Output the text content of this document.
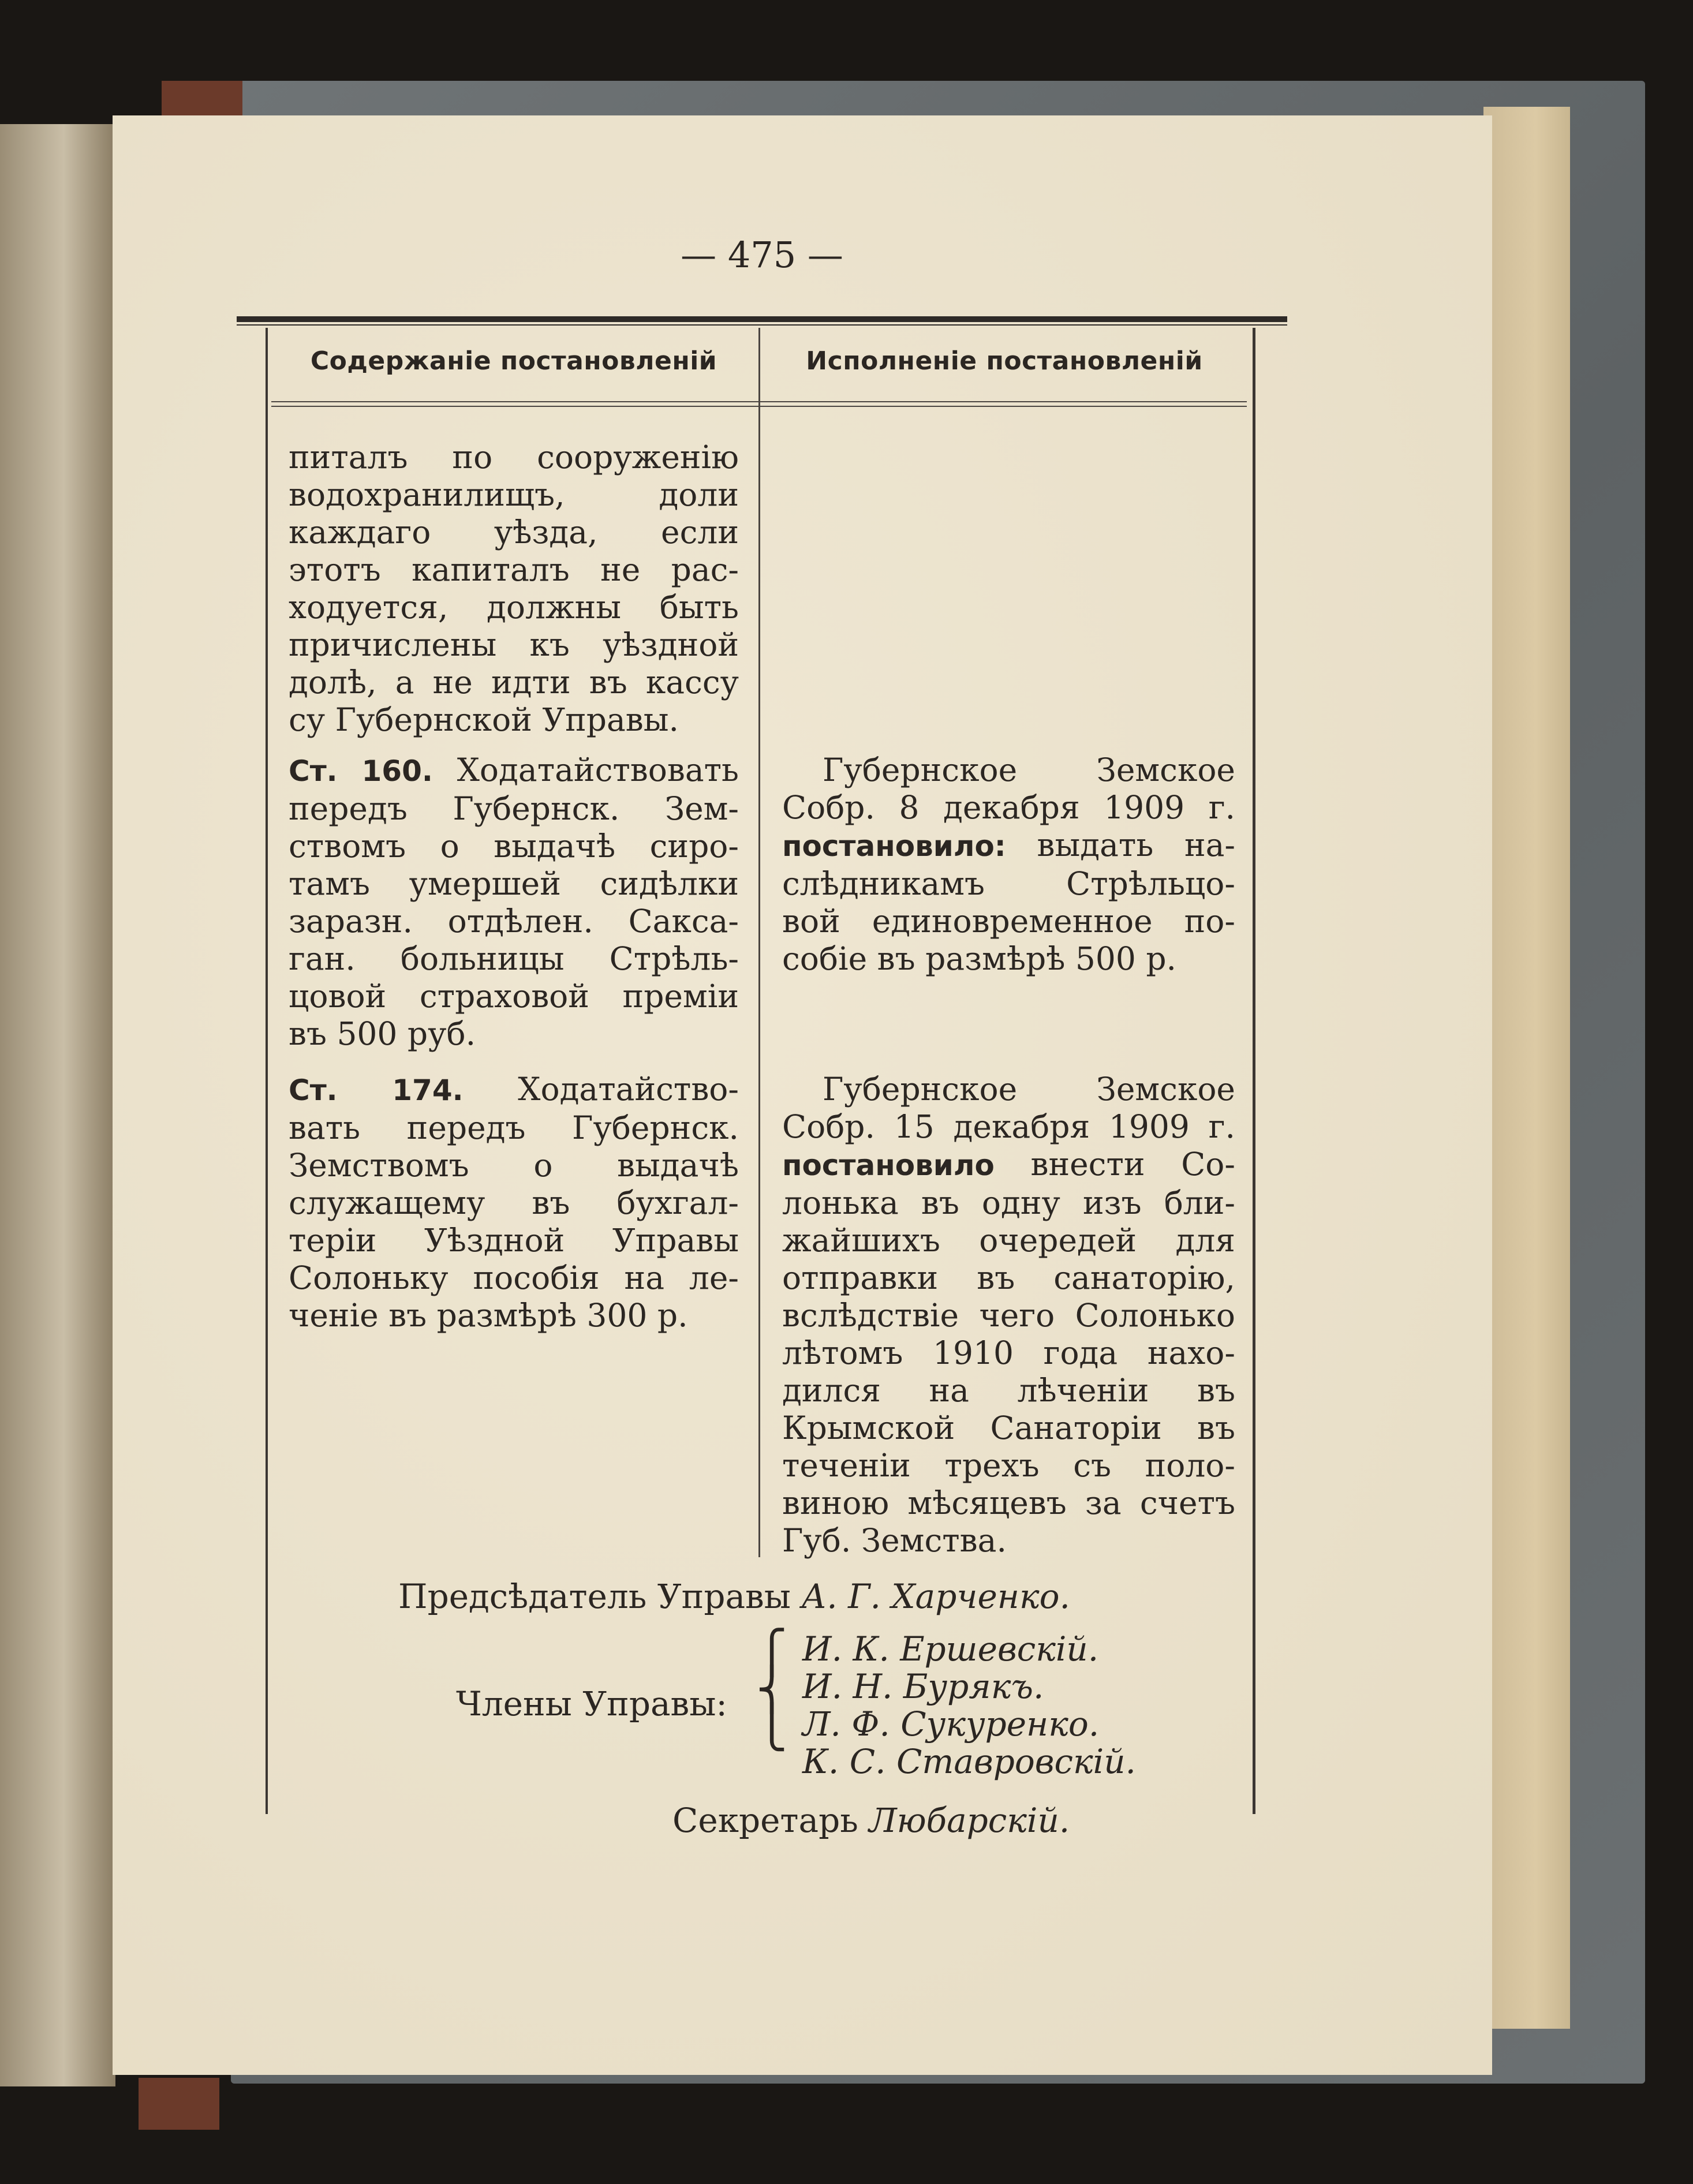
— 475 —
Содержаніе постановленій	Исполненіе постановленій
питалъ по сооруженію
водохранилищъ, доли
каждаго уѣзда, если
этотъ капиталъ не рас-
ходуется, должны быть
причислены къ уѣздной
долѣ, а не идти въ кассу
су Губернской Управы.
Ст. 160. Ходатайствовать
передъ Губернск. Зем-
ствомъ о выдачѣ сиро-
тамъ умершей сидѣлки
заразн. отдѣлен. Сакса-
ган. больницы Стрѣль-
цовой страховой преміи
въ 500 руб.
Губернское Земское
Собр. 8 декабря 1909 г.
постановило: выдать на-
слѣдникамъ Стрѣльцо-
вой единовременное по-
собіе въ размѣрѣ 500 р.
Ст. 174. Ходатайство-
вать передъ Губернск.
Земствомъ о выдачѣ
служащему въ бухгал-
теріи Уѣздной Управы
Солоньку пособія на ле-
ченіе въ размѣрѣ 300 р.
Губернское Земское
Собр. 15 декабря 1909 г.
постановило внести Со-
лонька въ одну изъ бли-
жайшихъ очередей для
отправки въ санаторію,
вслѣдствіе чего Солонько
лѣтомъ 1910 года нахо-
дился на лѣченіи въ
Крымской Санаторіи въ
теченіи трехъ съ поло-
виною мѣсяцевъ за счетъ
Губ. Земства.
Предсѣдатель Управы А. Г. Харченко.
Члены Управы:
⎧
⎨
⎩
И. К. Ершевскій.
И. Н. Бурякъ.
Л. Ф. Сукуренко.
К. С. Ставровскій.
Секретарь Любарскій.
